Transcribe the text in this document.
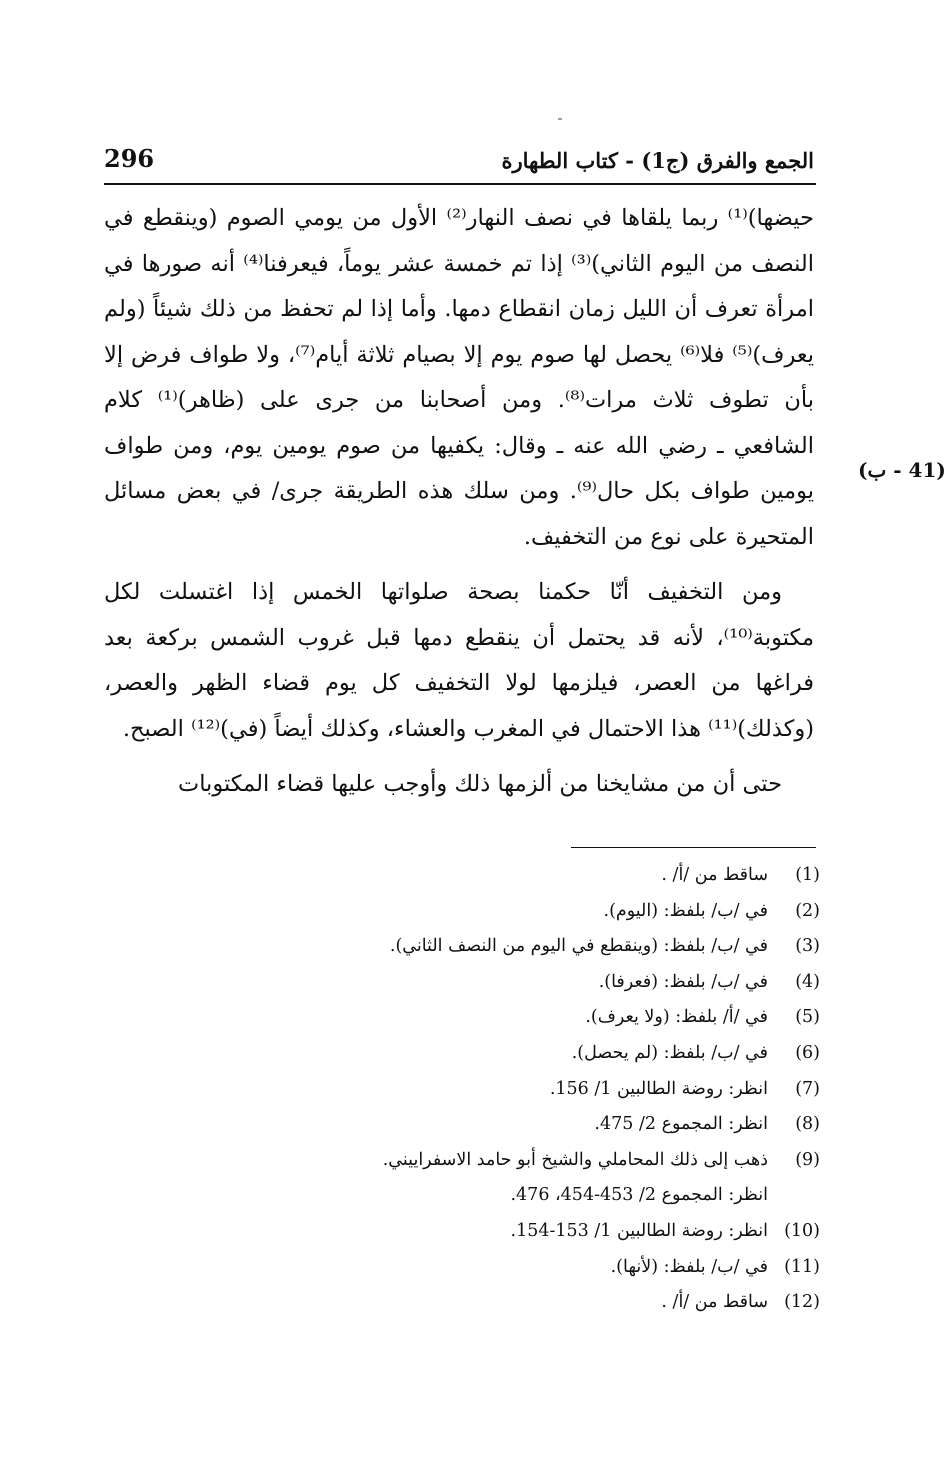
الجمع والفرق (ج1) - كتاب الطهارة
296
(41 - ب)

حيضها)⁽¹⁾ ربما يلقاها في نصف النهار⁽²⁾ الأول من يومي الصوم (وينقطع في النصف من اليوم الثاني)⁽³⁾ إذا تم خمسة عشر يوماً، فيعرفنا⁽⁴⁾ أنه صورها في امرأة تعرف أن الليل زمان انقطاع دمها. وأما إذا لم تحفظ من ذلك شيئاً (ولم يعرف)⁽⁵⁾ فلا⁽⁶⁾ يحصل لها صوم يوم إلا بصيام ثلاثة أيام⁽⁷⁾، ولا طواف فرض إلا بأن تطوف ثلاث مرات⁽⁸⁾. ومن أصحابنا من جرى على (ظاهر)⁽¹⁾ كلام الشافعي ـ رضي الله عنه ـ وقال: يكفيها من صوم يومين يوم، ومن طواف يومين طواف بكل حال⁽⁹⁾. ومن سلك هذه الطريقة جرى/ في بعض مسائل المتحيرة على نوع من التخفيف.

ومن التخفيف أنّا حكمنا بصحة صلواتها الخمس إذا اغتسلت لكل مكتوبة⁽¹⁰⁾، لأنه قد يحتمل أن ينقطع دمها قبل غروب الشمس بركعة بعد فراغها من العصر، فيلزمها لولا التخفيف كل يوم قضاء الظهر والعصر، (وكذلك)⁽¹¹⁾ هذا الاحتمال في المغرب والعشاء، وكذلك أيضاً (في)⁽¹²⁾ الصبح.

حتى أن من مشايخنا من ألزمها ذلك وأوجب عليها قضاء المكتوبات

(1)
ساقط من /أ/ .
(2)
في /ب/ بلفظ: (اليوم).
(3)
في /ب/ بلفظ: (وينقطع في اليوم من النصف الثاني).
(4)
في /ب/ بلفظ: (فعرفا).
(5)
في /أ/ بلفظ: (ولا يعرف).
(6)
في /ب/ بلفظ: (لم يحصل).
(7)
انظر: روضة الطالبين 1/ 156.
(8)
انظر: المجموع 2/ 475.
(9)
ذهب إلى ذلك المحاملي والشيخ أبو حامد الاسفراييني.
انظر: المجموع 2/ 453-454، 476.
(10)
انظر: روضة الطالبين 1/ 153-154.
(11)
في /ب/ بلفظ: (لأنها).
(12)
ساقط من /أ/ .
